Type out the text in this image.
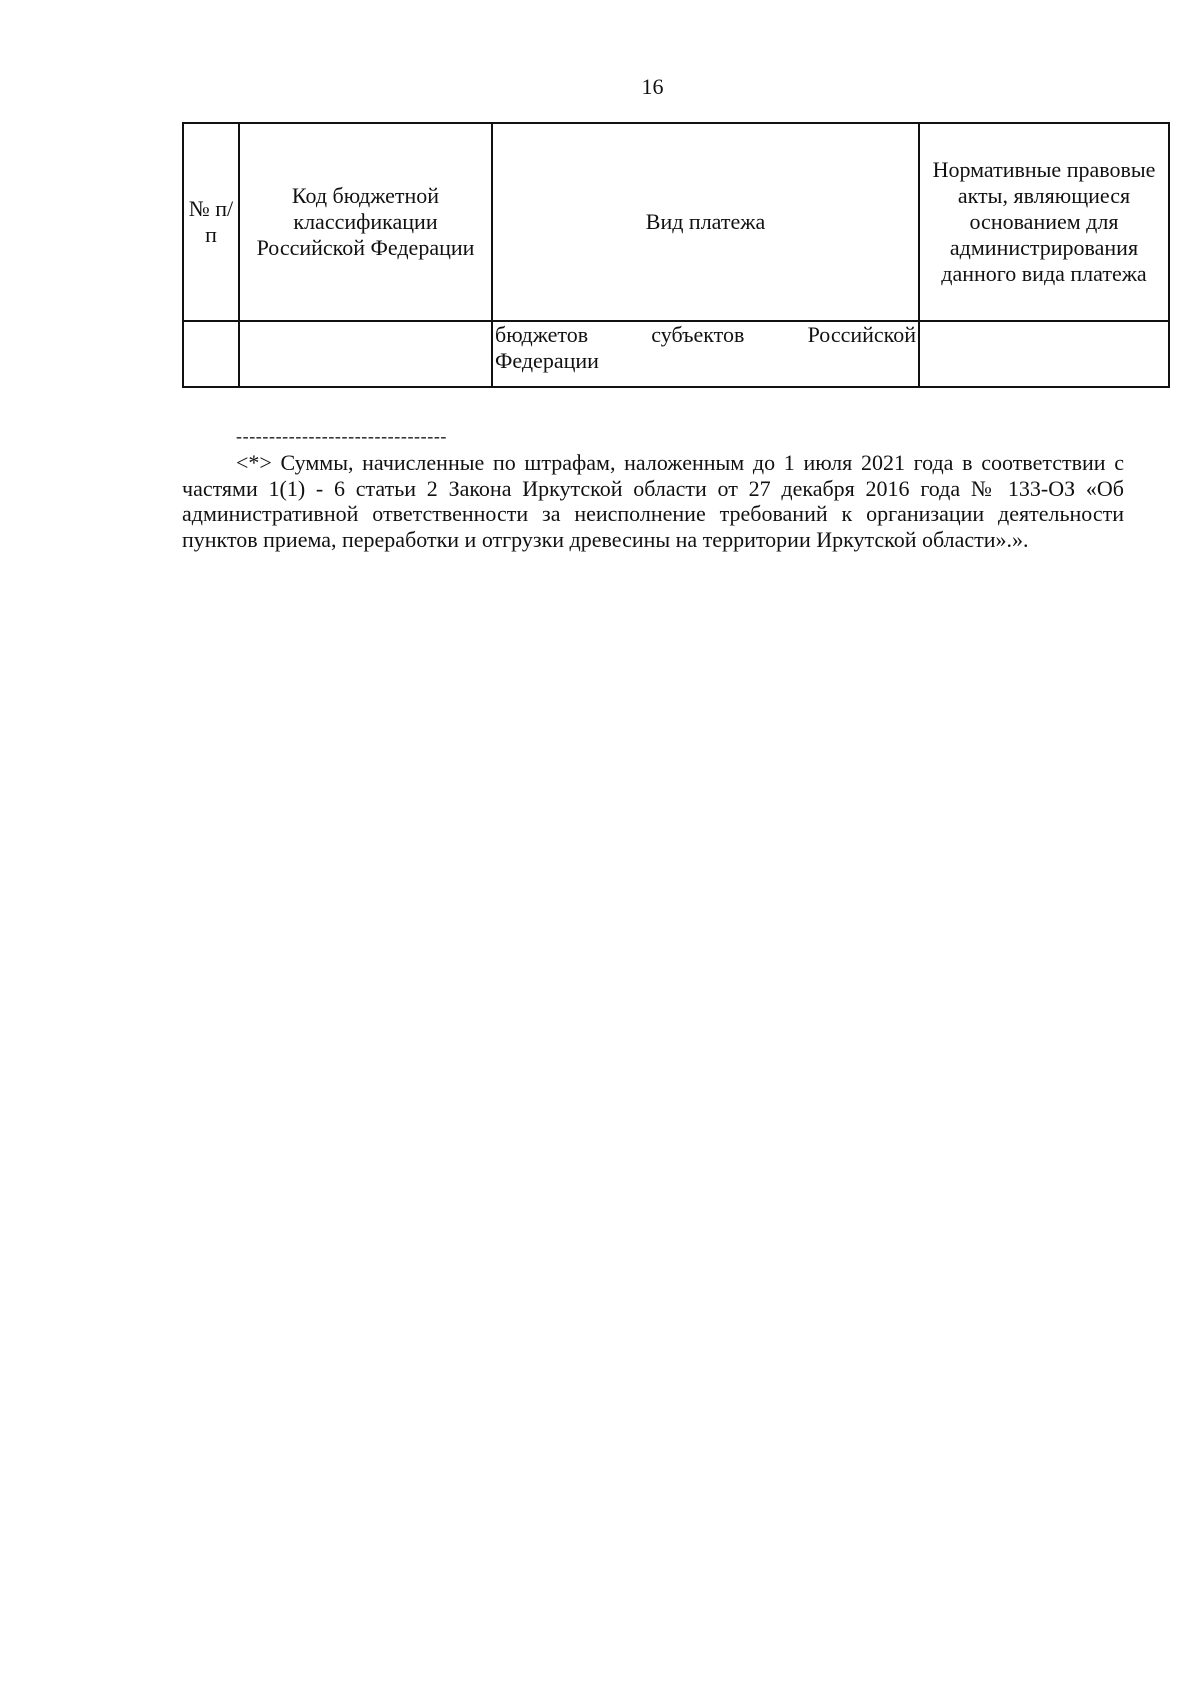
16
№ п/п	Код бюджетной классификации Российской Федерации	Вид платежа	Нормативные правовые акты, являющиеся основанием для администрирования данного вида платежа

		бюджетов субъектов Российской
Федерации	
--------------------------------

<*> Суммы, начисленные по штрафам, наложенным до 1 июля 2021 года в соответствии с частями 1(1) - 6 статьи 2 Закона Иркутской области от 27 декабря 2016 года № 133-ОЗ «Об административной ответственности за неисполнение требований к организации деятельности пунктов приема, переработки и отгрузки древесины на территории Иркутской области».».
